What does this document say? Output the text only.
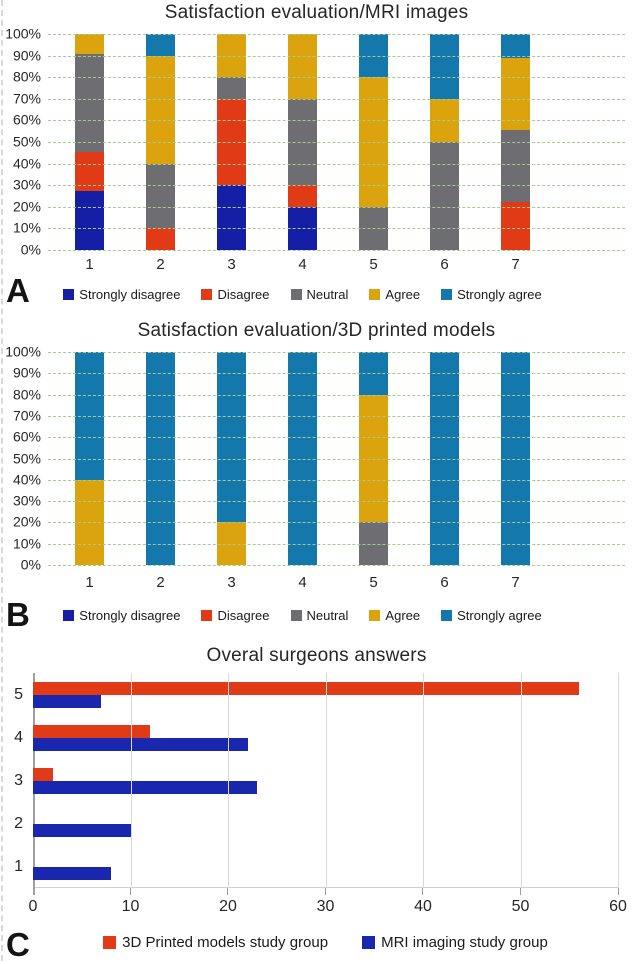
Satisfaction evaluation/MRI images
100%
90%
80%
70%
60%
50%
40%
30%
20%
10%
0%
1	2	3	4	5	6	7
A	Strongly disagree	Disagree	Neutral	Agree	Strongly agree
Satisfaction evaluation/3D printed models
100%
90%
80%
70%
60%
50%
40%
30%
20%
10%
0%
1	2	3	4	5	6	7
B	Strongly disagree	Disagree	Neutral	Agree	Strongly agree
Overal surgeons answers
5
4
3
2
1
0	10	20	30	40	50	60
C	3D Printed models study group	MRI imaging study group
